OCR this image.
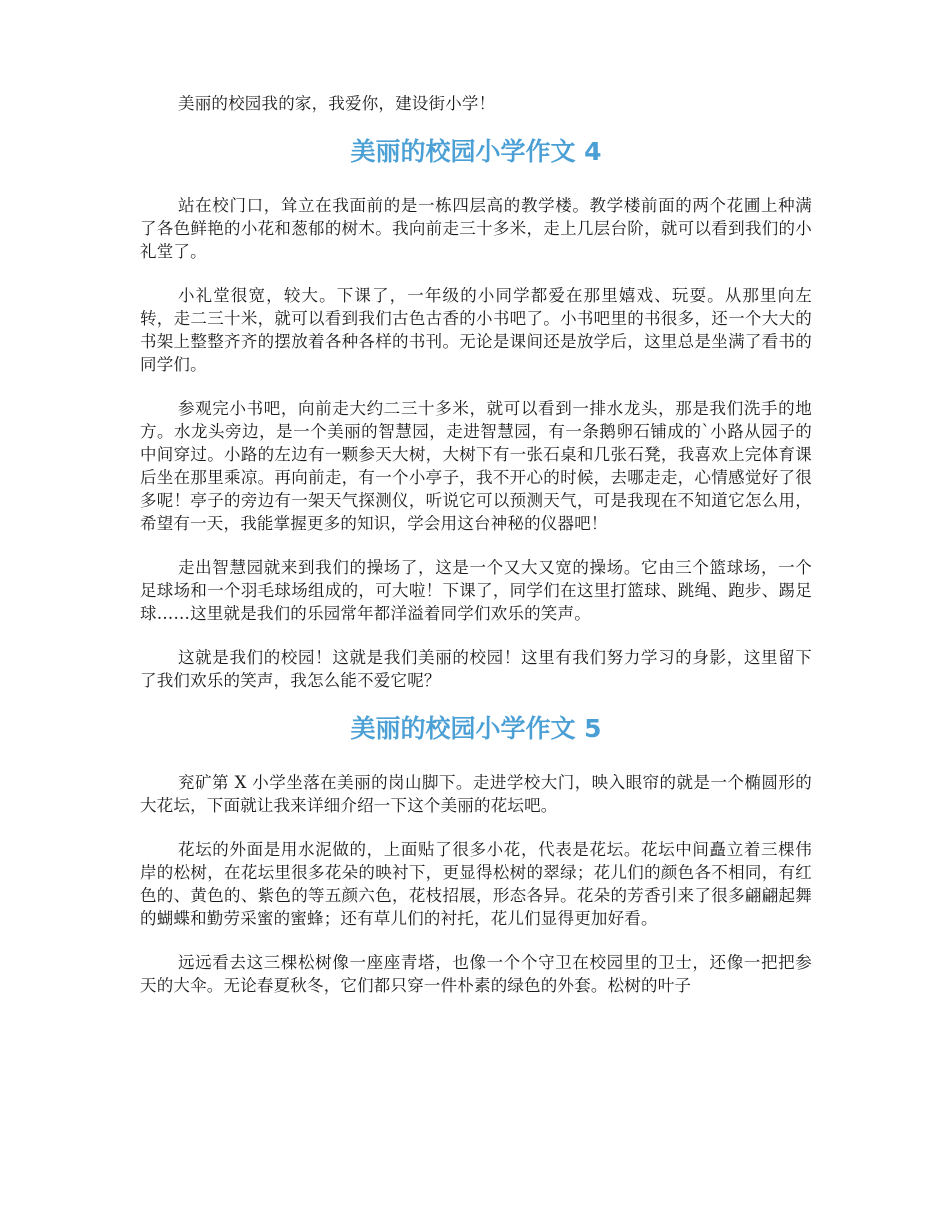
美丽的校园我的家，我爱你，建设街小学！

美丽的校园小学作文 4

站在校门口，耸立在我面前的是一栋四层高的教学楼。教学楼前面的两个花圃上种满了各色鲜艳的小花和葱郁的树木。我向前走三十多米，走上几层台阶，就可以看到我们的小礼堂了。

小礼堂很宽，较大。下课了，一年级的小同学都爱在那里嬉戏、玩耍。从那里向左转，走二三十米，就可以看到我们古色古香的小书吧了。小书吧里的书很多，还一个大大的书架上整整齐齐的摆放着各种各样的书刊。无论是课间还是放学后，这里总是坐满了看书的同学们。

参观完小书吧，向前走大约二三十多米，就可以看到一排水龙头，那是我们洗手的地方。水龙头旁边，是一个美丽的智慧园，走进智慧园，有一条鹅卵石铺成的`小路从园子的中间穿过。小路的左边有一颗参天大树，大树下有一张石桌和几张石凳，我喜欢上完体育课后坐在那里乘凉。再向前走，有一个小亭子，我不开心的时候，去哪走走，心情感觉好了很多呢！亭子的旁边有一架天气探测仪，听说它可以预测天气，可是我现在不知道它怎么用，希望有一天，我能掌握更多的知识，学会用这台神秘的仪器吧！

走出智慧园就来到我们的操场了，这是一个又大又宽的操场。它由三个篮球场，一个足球场和一个羽毛球场组成的，可大啦！下课了，同学们在这里打篮球、跳绳、跑步、踢足球……这里就是我们的乐园常年都洋溢着同学们欢乐的笑声。

这就是我们的校园！这就是我们美丽的校园！这里有我们努力学习的身影，这里留下了我们欢乐的笑声，我怎么能不爱它呢？

美丽的校园小学作文 5

兖矿第 X 小学坐落在美丽的岗山脚下。走进学校大门，映入眼帘的就是一个椭圆形的大花坛，下面就让我来详细介绍一下这个美丽的花坛吧。

花坛的外面是用水泥做的，上面贴了很多小花，代表是花坛。花坛中间矗立着三棵伟岸的松树，在花坛里很多花朵的映衬下，更显得松树的翠绿；花儿们的颜色各不相同，有红色的、黄色的、紫色的等五颜六色，花枝招展，形态各异。花朵的芳香引来了很多翩翩起舞的蝴蝶和勤劳采蜜的蜜蜂；还有草儿们的衬托，花儿们显得更加好看。

远远看去这三棵松树像一座座青塔，也像一个个守卫在校园里的卫士，还像一把把参天的大伞。无论春夏秋冬，它们都只穿一件朴素的绿色的外套。松树的叶子
